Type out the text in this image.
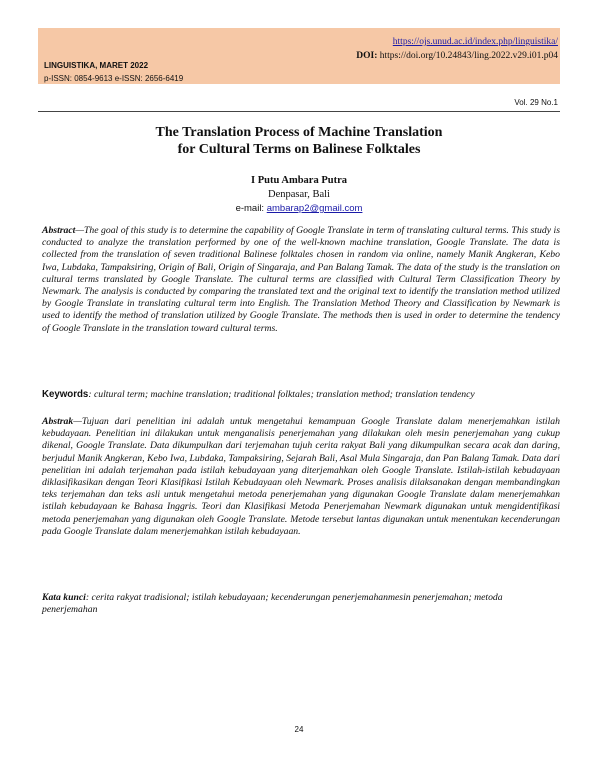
https://ojs.unud.ac.id/index.php/linguistika/
DOI: https://doi.org/10.24843/ling.2022.v29.i01.p04
LINGUISTIKA, MARET 2022
p-ISSN: 0854-9613 e-ISSN: 2656-6419
Vol. 29 No.1
The Translation Process of Machine Translation
for Cultural Terms on Balinese Folktales
I Putu Ambara Putra
Denpasar, Bali
e-mail: ambarap2@gmail.com
Abstract—The goal of this study is to determine the capability of Google Translate in term of translating cultural terms. This study is conducted to analyze the translation performed by one of the well-known machine translation, Google Translate. The data is collected from the translation of seven traditional Balinese folktales chosen in random via online, namely Manik Angkeran, Kebo Iwa, Lubdaka, Tampaksiring, Origin of Bali, Origin of Singaraja, and Pan Balang Tamak. The data of the study is the translation on cultural terms translated by Google Translate. The cultural terms are classified with Cultural Term Classification Theory by Newmark. The analysis is conducted by comparing the translated text and the original text to identify the translation method utilized by Google Translate in translating cultural term into English. The Translation Method Theory and Classification by Newmark is used to identify the method of translation utilized by Google Translate. The methods then is used in order to determine the tendency of Google Translate in the translation toward cultural terms.
Keywords: cultural term; machine translation; traditional folktales; translation method; translation tendency
Abstrak—Tujuan dari penelitian ini adalah untuk mengetahui kemampuan Google Translate dalam menerjemahkan istilah kebudayaan. Penelitian ini dilakukan untuk menganalisis penerjemahan yang dilakukan oleh mesin penerjemahan yang cukup dikenal, Google Translate. Data dikumpulkan dari terjemahan tujuh cerita rakyat Bali yang dikumpulkan secara acak dan daring, berjudul Manik Angkeran, Kebo Iwa, Lubdaka, Tampaksiring, Sejarah Bali, Asal Mula Singaraja, dan Pan Balang Tamak. Data dari penelitian ini adalah terjemahan pada istilah kebudayaan yang diterjemahkan oleh Google Translate. Istilah-istilah kebudayaan diklasifikasikan dengan Teori Klasifikasi Istilah Kebudayaan oleh Newmark. Proses analisis dilaksanakan dengan membandingkan teks terjemahan dan teks asli untuk mengetahui metoda penerjemahan yang digunakan Google Translate dalam menerjemahkan istilah kebudayaan ke Bahasa Inggris. Teori dan Klasifikasi Metoda Penerjemahan Newmark digunakan untuk mengidentifikasi metoda penerjemahan yang digunakan oleh Google Translate. Metode tersebut lantas digunakan untuk menentukan kecenderungan pada Google Translate dalam menerjemahkan istilah kebudayaan.
Kata kunci: cerita rakyat tradisional; istilah kebudayaan; kecenderungan penerjemahanmesin penerjemahan; metoda penerjemahan
24
